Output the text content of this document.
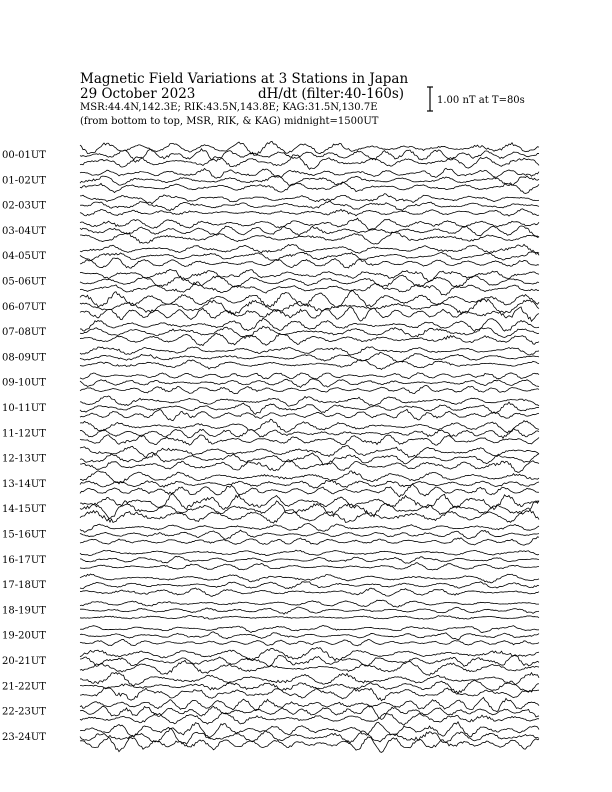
Magnetic Field Variations at 3 Stations in Japan
29 October 2023	dH/dt (filter:40-160s)
MSR:44.4N,142.3E; RIK:43.5N,143.8E; KAG:31.5N,130.7E
(from bottom to top, MSR, RIK, & KAG) midnight=1500UT
1.00 nT at T=80s
00-01UT
01-02UT
02-03UT
03-04UT
04-05UT
05-06UT
06-07UT
07-08UT
08-09UT
09-10UT
10-11UT
11-12UT
12-13UT
13-14UT
14-15UT
15-16UT
16-17UT
17-18UT
18-19UT
19-20UT
20-21UT
21-22UT
22-23UT
23-24UT
